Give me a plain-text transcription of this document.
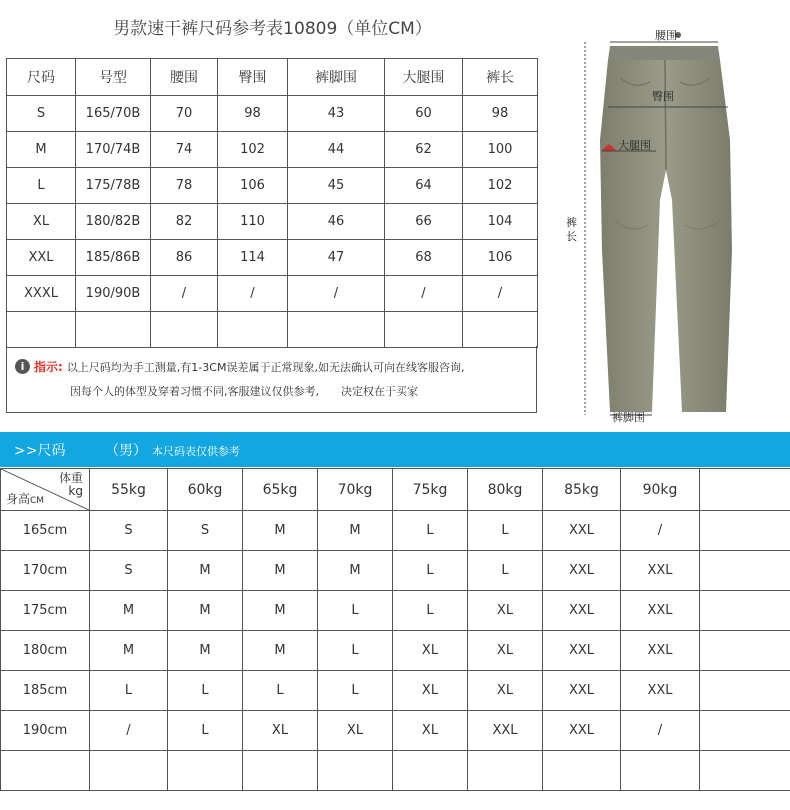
男款速干裤尺码参考表10809（单位CM）
尺码	号型	腰围	臀围	裤脚围	大腿围	裤长
S	165/70B	70	98	43	60	98
M	170/74B	74	102	44	62	100
L	175/78B	78	106	45	64	102
XL	180/82B	82	110	46	66	104
XXL	185/86B	86	114	47	68	106
XXXL	190/90B	/	/	/	/	/

i 指示: 以上尺码均为手工测量,有1-3CM误差属于正常现象,如无法确认可向在线客服咨询,
因每个人的体型及穿着习惯不同,客服建议仅供参考,　　决定权在于买家
腰围
臀围
大腿围
裤长
裤脚围
>>尺码	（男） 本尺码表仅供参考
体重
kg
身高CM	55kg	60kg	65kg	70kg	75kg	80kg	85kg	90kg	
165cm	S	S	M	M	L	L	XXL	/	
170cm	S	M	M	M	L	L	XXL	XXL	
175cm	M	M	M	L	L	XL	XXL	XXL	
180cm	M	M	M	L	XL	XL	XXL	XXL	
185cm	L	L	L	L	XL	XL	XXL	XXL	
190cm	/	L	XL	XL	XL	XXL	XXL	/	
